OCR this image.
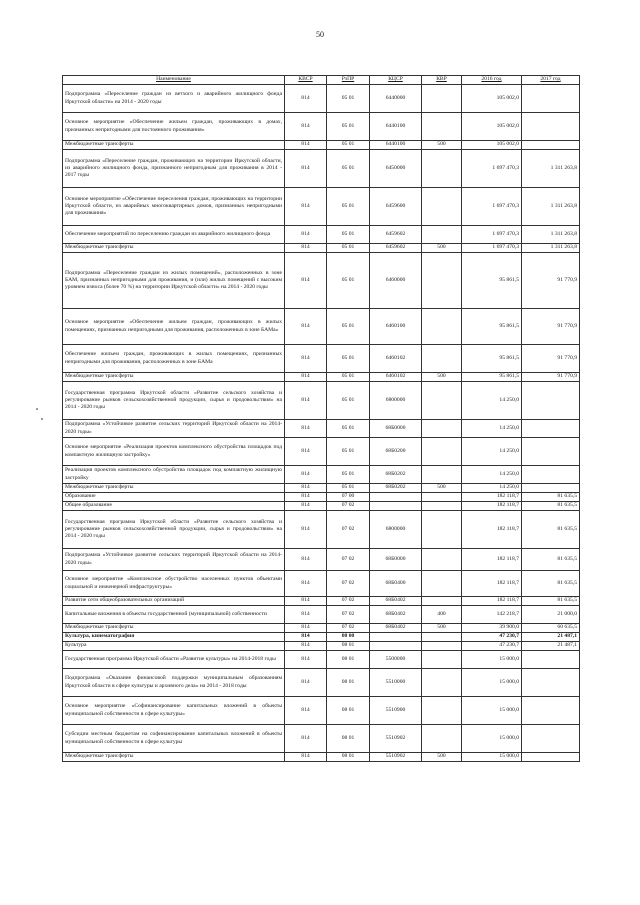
50
Наименование	КВСР	РзПР	КЦСР	КВР	2016 год	2017 год
Подпрограмма «Переселение граждан из ветхого и аварийного жилищного фонда Иркутской области» на 2014 - 2020 годы	814	05 01	6440000		105 002,0	
Основное мероприятие «Обеспечение жильем граждан, проживающих в домах, признанных непригодными для постоянного проживания»	814	05 01	6440100		105 002,0	
Межбюджетные трансферты	814	05 01	6440100	500	105 002,0	
Подпрограмма «Переселение граждан, проживающих на территории Иркутской области, из аварийного жилищного фонда, признанного непригодным для проживания в 2014 - 2017 годы	814	05 01	6450000		1 697 470,3	1 311 263,8
Основное мероприятие «Обеспечение переселения граждан, проживающих на территории Иркутской области, из аварийных многоквартирных домов, признанных непригодными для проживания»	814	05 01	6459600		1 697 470,3	1 311 263,8
Обеспечение мероприятий по переселению граждан из аварийного жилищного фонда	814	05 01	6459602		1 697 470,3	1 311 263,8
Межбюджетные трансферты	814	05 01	6459602	500	1 697 470,3	1 311 263,8
Подпрограмма «Переселение граждан из жилых помещений», расположенных в зоне БАМ, признанных непригодными для проживания, и (или) жилых помещений с высоким уровнем износа (более 70 %) на территории Иркутской области» на 2014 - 2020 годы	814	05 01	6460000		95 861,5	91 770,9
Основное мероприятие «Обеспечение жильем граждан, проживающих в жилых помещениях, признанных непригодными для проживания, расположенных в зоне БАМа»	814	05 01	6460100		95 861,5	91 770,9
Обеспечение жильем граждан, проживающих в жилых помещениях, признанных непригодными для проживания, расположенных в зоне БАМа	814	05 01	6460102		95 861,5	91 770,9
Межбюджетные трансферты	814	05 01	6460102	500	95 861,5	91 770,9
Государственная программа Иркутской области «Развитие сельского хозяйства и регулирование рынков сельскохозяйственной продукции, сырья и продовольствия» на 2014 - 2020 годы	814	05 01	6800000		14 250,0	
Подпрограмма «Устойчивое развитие сельских территорий Иркутской области на 2014-2020 годы»	814	05 01	68Б0000		14 250,0	
Основное мероприятие «Реализация проектов комплексного обустройства площадок под компактную жилищную застройку»	814	05 01	68Б0200		14 250,0	
Реализация проектов комплексного обустройства площадок под компактную жилищную застройку	814	05 01	68Б0202		14 250,0	
Межбюджетные трансферты	814	05 01	68Б0202	500	14 250,0	
Образование	814	07 00			182 118,7	81 635,5
Общее образование	814	07 02			182 118,7	81 635,5
Государственная программа Иркутской области «Развитие сельского хозяйства и регулирование рынков сельскохозяйственной продукции, сырья и продовольствия» на 2014 - 2020 годы	814	07 02	6800000		182 118,7	81 635,5
Подпрограмма «Устойчивое развитие сельских территорий Иркутской области на 2014-2020 годы»	814	07 02	68Б0000		182 118,7	81 635,5
Основное мероприятие «Комплексное обустройство населенных пунктов объектами социальной и инженерной инфраструктуры»	814	07 02	68Б0400		182 118,7	81 635,5
Развитие сети общеобразовательных организаций	814	07 02	68Б0402		182 118,7	81 635,5
Капитальные вложения в объекты государственной (муниципальной) собственности	814	07 02	68Б0402	400	142 218,7	21 000,0
Межбюджетные трансферты	814	07 02	68Б0402	500	39 900,0	60 635,5
Культура, кинематография	814	08 00			47 230,7	21 487,1
Культура	814	08 01			47 230,7	21 487,1
Государственная программа Иркутской области «Развитие культуры» на 2014-2018 годы	814	08 01	5500000		15 000,0	
Подпрограмма «Оказание финансовой поддержки муниципальным образованиям Иркутской области в сфере культуры и архивного дела» на 2014 - 2018 годы	814	08 01	5510000		15 000,0	
Основное мероприятие «Софинансирование капитальных вложений в объекты муниципальной собственности в сфере культуры»	814	08 01	5510900		15 000,0	
Субсидии местным бюджетам на софинансирование капитальных вложений в объекты муниципальной собственности в сфере культуры	814	08 01	5510902		15 000,0	
Межбюджетные трансферты	814	08 01	5510902	500	15 000,0	
